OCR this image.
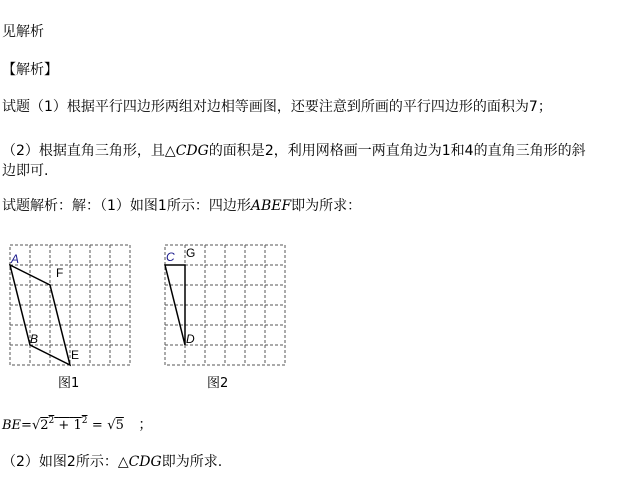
见解析
【解析】
试题（1）根据平行四边形两组对边相等画图，还要注意到所画的平行四边形的面积为7；
（2）根据直角三角形，且△CDG的面积是2，利用网格画一两直角边为1和4的直角三角形的斜
边即可.
试题解析：解：（1）如图1所示：四边形ABEF即为所求：
A
F
B
E
图1
C G
D
图2
$BE=√2^2 + 1^2 = √5$ ；
（2）如图2所示：△CDG即为所求.
